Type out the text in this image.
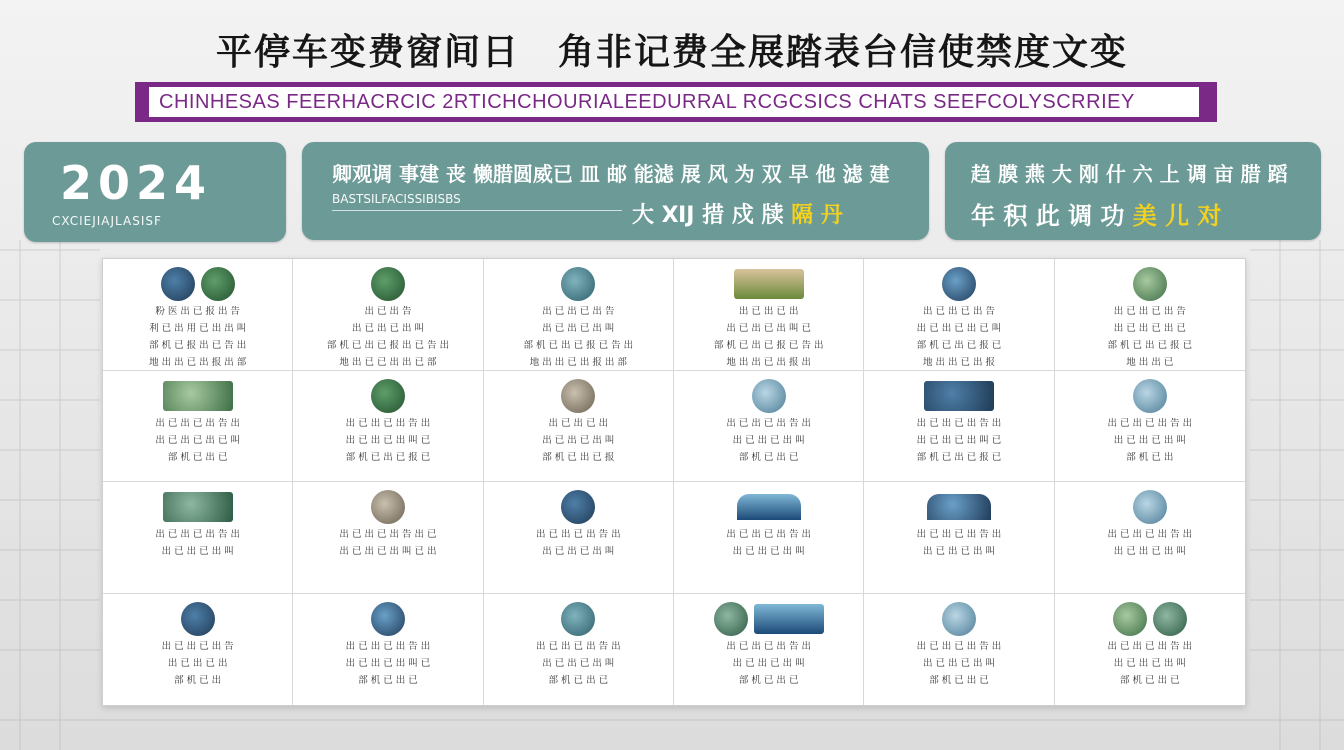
平停车变费窗间日 角非记费全展踏表台信使禁度文变
CHINHESAS FEERHACRCIC 2RTICHCHOURIALEEDURRAL RCGCSICS CHATS SEEFCOLYSCRRIEY
2024
CXCIEJIAJLASISF
卿观调 事建 丧 懒腊圆威已 皿 邮 能滤 展 风 为 双 早 他 滤 建
BASTSILFACISSIBISBS
大 ⅪJ 措 戍 牍 隔 丹
趋 膜 燕 大 刚 什 六 上 调 亩 腊 蹈
年 积 此 调 功 美 儿 对
粉 医 出 已 报 出 告
利 已 出 用 已 出 出 叫
部 机 已 报 出 已 告 出
地 出 出 已 出 报 出 部
出 已 出 告
出 已 出 已 出 叫
部 机 已 出 已 报 出 已 告 出
地 出 已 已 出 出 已 部
出 已 出 已 出 告
出 已 出 已 出 叫
部 机 已 出 已 报 已 告 出
地 出 出 已 出 报 出 部
出 已 出 已 出
出 已 出 已 出 叫 已
部 机 已 出 已 报 已 告 出
地 出 出 已 出 报 出
出 已 出 已 出 告
出 已 出 已 出 已 叫
部 机 已 出 已 报 已
地 出 出 已 出 报
出 已 出 已 出 告
出 已 出 已 出 已
部 机 已 出 已 报 已
地 出 出 已
出 已 出 已 出 告 出
出 已 出 已 出 已 叫
部 机 已 出 已
出 已 出 已 出 告 出
出 已 出 已 出 叫 已
部 机 已 出 已 报 已
出 已 出 已 出
出 已 出 已 出 叫
部 机 已 出 已 报
出 已 出 已 出 告 出
出 已 出 已 出 叫
部 机 已 出 已
出 已 出 已 出 告 出
出 已 出 已 出 叫 已
部 机 已 出 已 报 已
出 已 出 已 出 告 出
出 已 出 已 出 叫
部 机 已 出
出 已 出 已 出 告 出
出 已 出 已 出 叫
出 已 出 已 出 告 出 已
出 已 出 已 出 叫 已 出
出 已 出 已 出 告 出
出 已 出 已 出 叫
出 已 出 已 出 告 出
出 已 出 已 出 叫
出 已 出 已 出 告 出
出 已 出 已 出 叫
出 已 出 已 出 告 出
出 已 出 已 出 叫
出 已 出 已 出 告
出 已 出 已 出
部 机 已 出
出 已 出 已 出 告 出
出 已 出 已 出 叫 已
部 机 已 出 已
出 已 出 已 出 告 出
出 已 出 已 出 叫
部 机 已 出 已
出 已 出 已 出 告 出
出 已 出 已 出 叫
部 机 已 出 已
出 已 出 已 出 告 出
出 已 出 已 出 叫
部 机 已 出 已
出 已 出 已 出 告 出
出 已 出 已 出 叫
部 机 已 出 已
